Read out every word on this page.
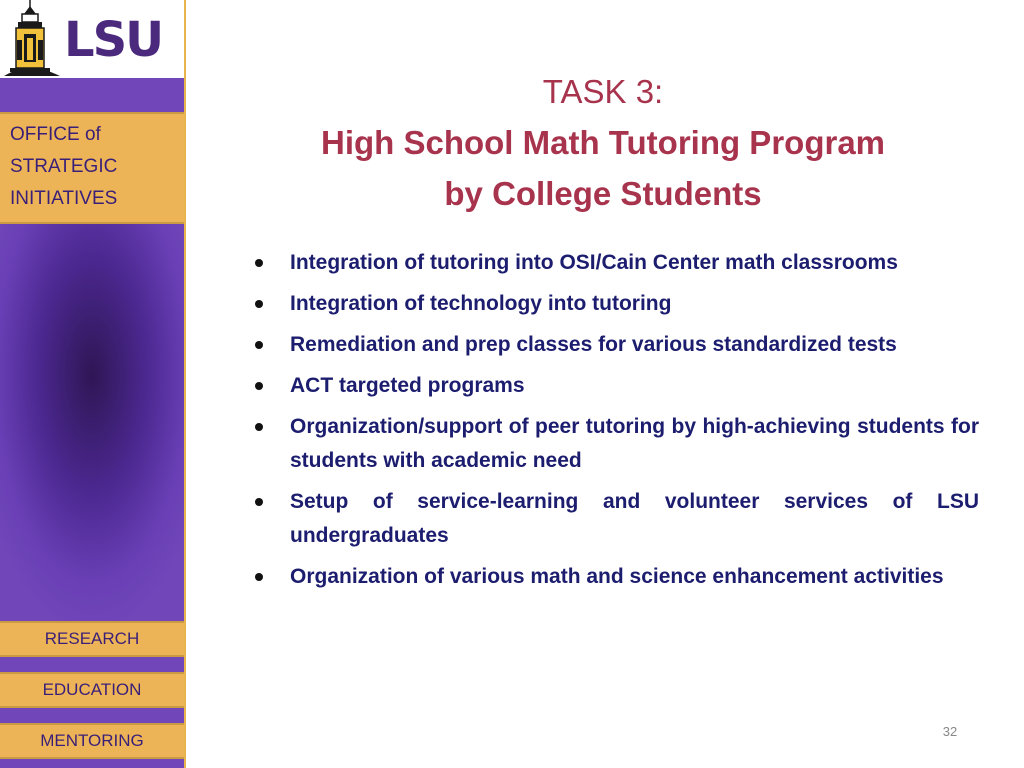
LSU
OFFICE of
STRATEGIC
INITIATIVES
RESEARCH
EDUCATION
MENTORING
TASK 3:
High School Math Tutoring Program
by College Students
Integration of tutoring into OSI/Cain Center math classrooms
Integration of technology into tutoring
Remediation and prep classes for various standardized tests
ACT targeted programs
Organization/support of peer tutoring by high-achieving students for students with academic need
Setup of service-learning and volunteer services of LSU undergraduates
Organization of various math and science enhancement activities
32
